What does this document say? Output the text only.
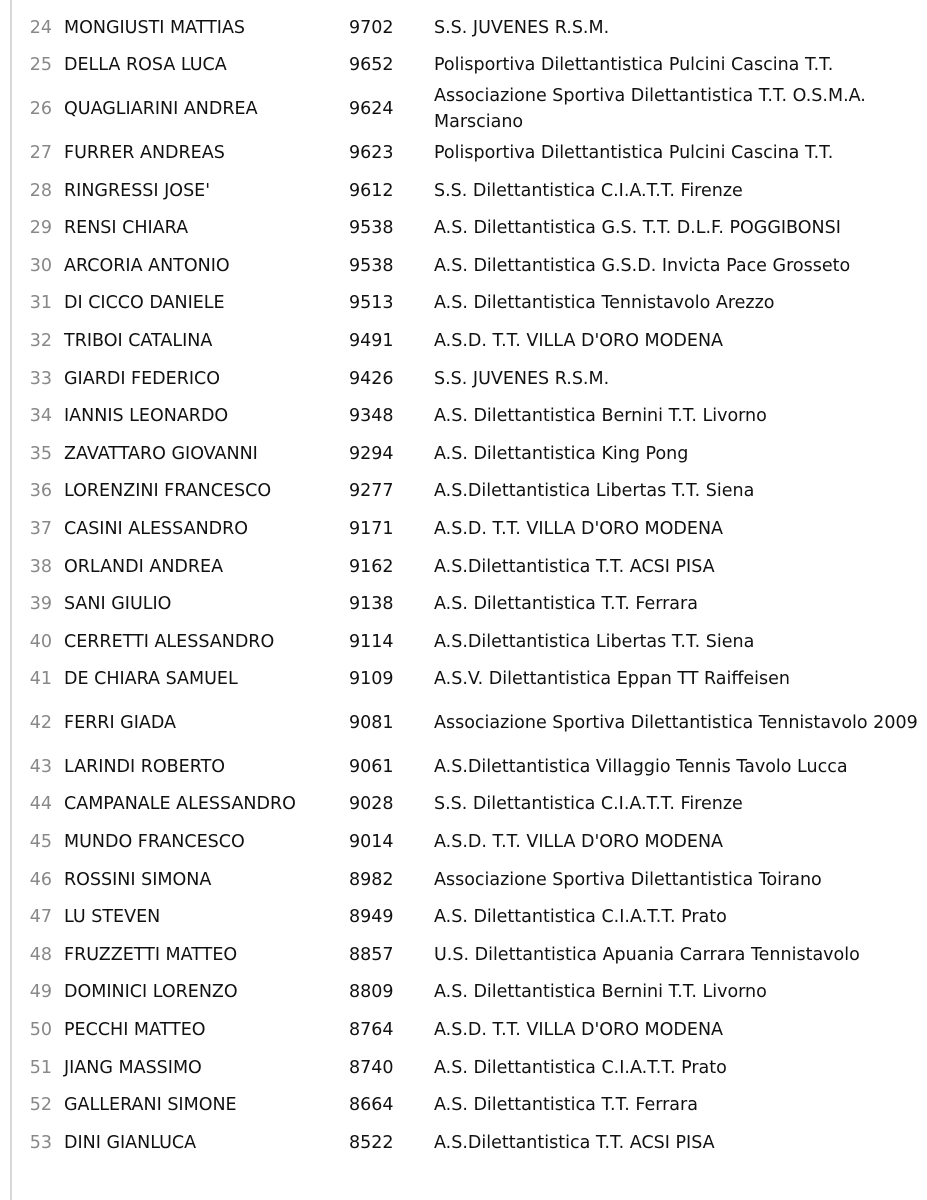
24 MONGIUSTI MATTIAS	9702	S.S. JUVENES R.S.M.
25 DELLA ROSA LUCA	9652	Polisportiva Dilettantistica Pulcini Cascina T.T.
26 QUAGLIARINI ANDREA	9624
Associazione Sportiva Dilettantistica T.T. O.S.M.A. Marsciano
27 FURRER ANDREAS	9623	Polisportiva Dilettantistica Pulcini Cascina T.T.
28 RINGRESSI JOSE'	9612	S.S. Dilettantistica C.I.A.T.T. Firenze
29 RENSI CHIARA	9538	A.S. Dilettantistica G.S. T.T. D.L.F. POGGIBONSI
30 ARCORIA ANTONIO	9538	A.S. Dilettantistica G.S.D. Invicta Pace Grosseto
31 DI CICCO DANIELE	9513	A.S. Dilettantistica Tennistavolo Arezzo
32 TRIBOI CATALINA	9491	A.S.D. T.T. VILLA D'ORO MODENA
33 GIARDI FEDERICO	9426	S.S. JUVENES R.S.M.
34 IANNIS LEONARDO	9348	A.S. Dilettantistica Bernini T.T. Livorno
35 ZAVATTARO GIOVANNI	9294	A.S. Dilettantistica King Pong
36 LORENZINI FRANCESCO	9277	A.S.Dilettantistica Libertas T.T. Siena
37 CASINI ALESSANDRO	9171	A.S.D. T.T. VILLA D'ORO MODENA
38 ORLANDI ANDREA	9162	A.S.Dilettantistica T.T. ACSI PISA
39 SANI GIULIO	9138	A.S. Dilettantistica T.T. Ferrara
40 CERRETTI ALESSANDRO	9114	A.S.Dilettantistica Libertas T.T. Siena
41 DE CHIARA SAMUEL	9109	A.S.V. Dilettantistica Eppan TT Raiffeisen
42 FERRI GIADA	9081	Associazione Sportiva Dilettantistica Tennistavolo 2009
43 LARINDI ROBERTO	9061	A.S.Dilettantistica Villaggio Tennis Tavolo Lucca
44 CAMPANALE ALESSANDRO	9028	S.S. Dilettantistica C.I.A.T.T. Firenze
45 MUNDO FRANCESCO	9014	A.S.D. T.T. VILLA D'ORO MODENA
46 ROSSINI SIMONA	8982	Associazione Sportiva Dilettantistica Toirano
47 LU STEVEN	8949	A.S. Dilettantistica C.I.A.T.T. Prato
48 FRUZZETTI MATTEO	8857	U.S. Dilettantistica Apuania Carrara Tennistavolo
49 DOMINICI LORENZO	8809	A.S. Dilettantistica Bernini T.T. Livorno
50 PECCHI MATTEO	8764	A.S.D. T.T. VILLA D'ORO MODENA
51 JIANG MASSIMO	8740	A.S. Dilettantistica C.I.A.T.T. Prato
52 GALLERANI SIMONE	8664	A.S. Dilettantistica T.T. Ferrara
53 DINI GIANLUCA	8522	A.S.Dilettantistica T.T. ACSI PISA
